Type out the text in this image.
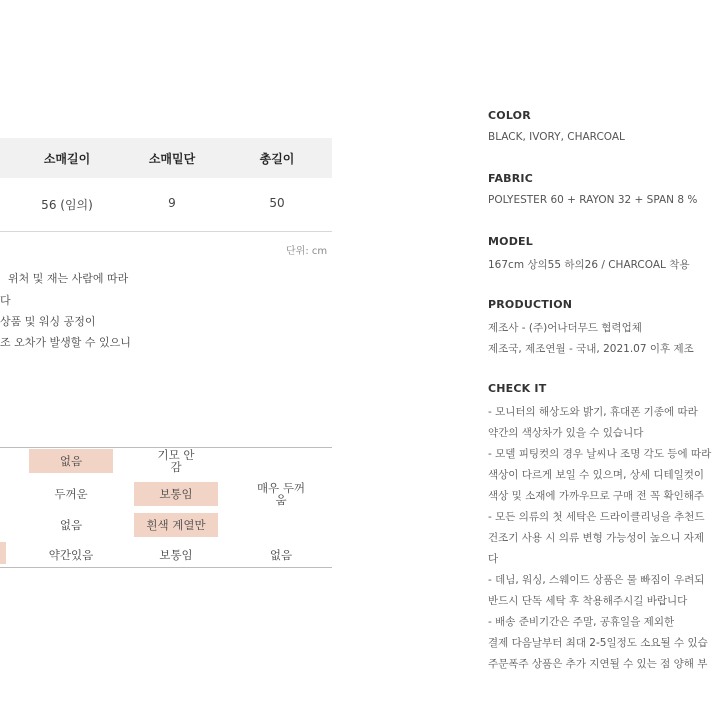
소매길이	소매밑단	총길이
56 (임의)	9	50
단위: cm
위처 및 재는 사람에 따라
다
상품 및 워싱 공정이
조 오차가 발생할 수 있으니
없음	기모 안 감
두꺼운	보통임	매우 두꺼움
없음	흰색 계열만
약간있음	보통임	없음
COLOR
BLACK, IVORY, CHARCOAL
FABRIC
POLYESTER 60 + RAYON 32 + SPAN 8 %
MODEL
167cm 상의55 하의26 / CHARCOAL 착용
PRODUCTION
제조사 - (주)어나더무드 협력업체
제조국, 제조연월 - 국내, 2021.07 이후 제조
CHECK IT
- 모니터의 해상도와 밝기, 휴대폰 기종에 따라
약간의 색상차가 있을 수 있습니다
- 모델 피팅컷의 경우 날씨나 조명 각도 등에 따라
색상이 다르게 보일 수 있으며, 상세 디테일컷이
색상 및 소재에 가까우므로 구매 전 꼭 확인해주
- 모든 의류의 첫 세탁은 드라이클리닝을 추천드
건조기 사용 시 의류 변형 가능성이 높으니 자제
다
- 데님, 워싱, 스웨이드 상품은 물 빠짐이 우려되
반드시 단독 세탁 후 착용해주시길 바랍니다
- 배송 준비기간은 주말, 공휴일을 제외한
결제 다음날부터 최대 2-5일정도 소요될 수 있습
주문폭주 상품은 추가 지연될 수 있는 점 양해 부
